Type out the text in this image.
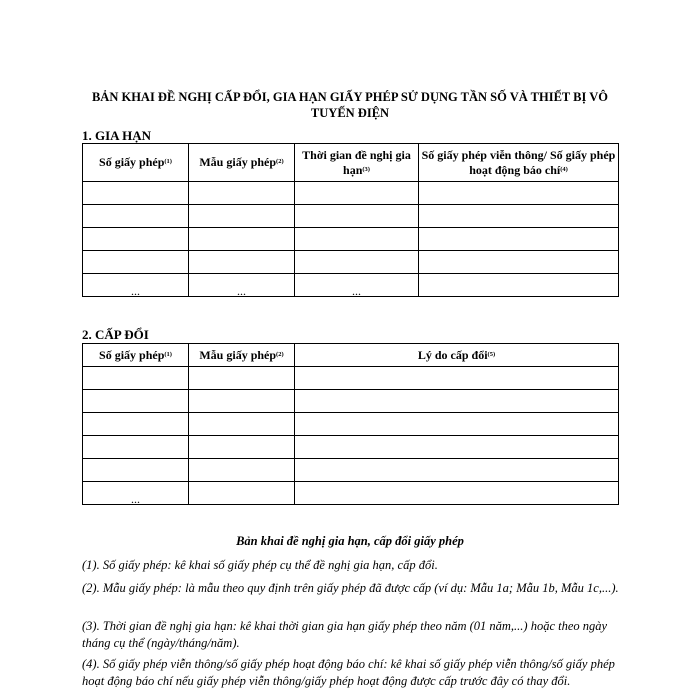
BẢN KHAI ĐỀ NGHỊ CẤP ĐỔI, GIA HẠN GIẤY PHÉP SỬ DỤNG TẦN SỐ VÀ THIẾT BỊ VÔ TUYẾN ĐIỆN
1. GIA HẠN
Số giấy phép$^{(1)}$	Mẫu giấy phép$^{(2)}$	Thời gian đề nghị gia hạn$^{(3)}$	Số giấy phép viễn thông/ Số giấy phép hoạt động báo chí$^{(4)}$

...	...	...	
2. CẤP ĐỔI
Số giấy phép$^{(1)}$	Mẫu giấy phép$^{(2)}$	Lý do cấp đổi$^{(5)}$

...		
Bản khai đề nghị gia hạn, cấp đổi giấy phép
(1). Số giấy phép: kê khai số giấy phép cụ thể đề nghị gia hạn, cấp đổi.
(2). Mẫu giấy phép: là mẫu theo quy định trên giấy phép đã được cấp (ví dụ: Mẫu 1a; Mẫu 1b, Mẫu 1c,...).
(3). Thời gian đề nghị gia hạn: kê khai thời gian gia hạn giấy phép theo năm (01 năm,...) hoặc theo ngày tháng cụ thể (ngày/tháng/năm).
(4). Số giấy phép viễn thông/số giấy phép hoạt động báo chí: kê khai số giấy phép viễn thông/số giấy phép hoạt động báo chí nếu giấy phép viễn thông/giấy phép hoạt động được cấp trước đây có thay đổi.
